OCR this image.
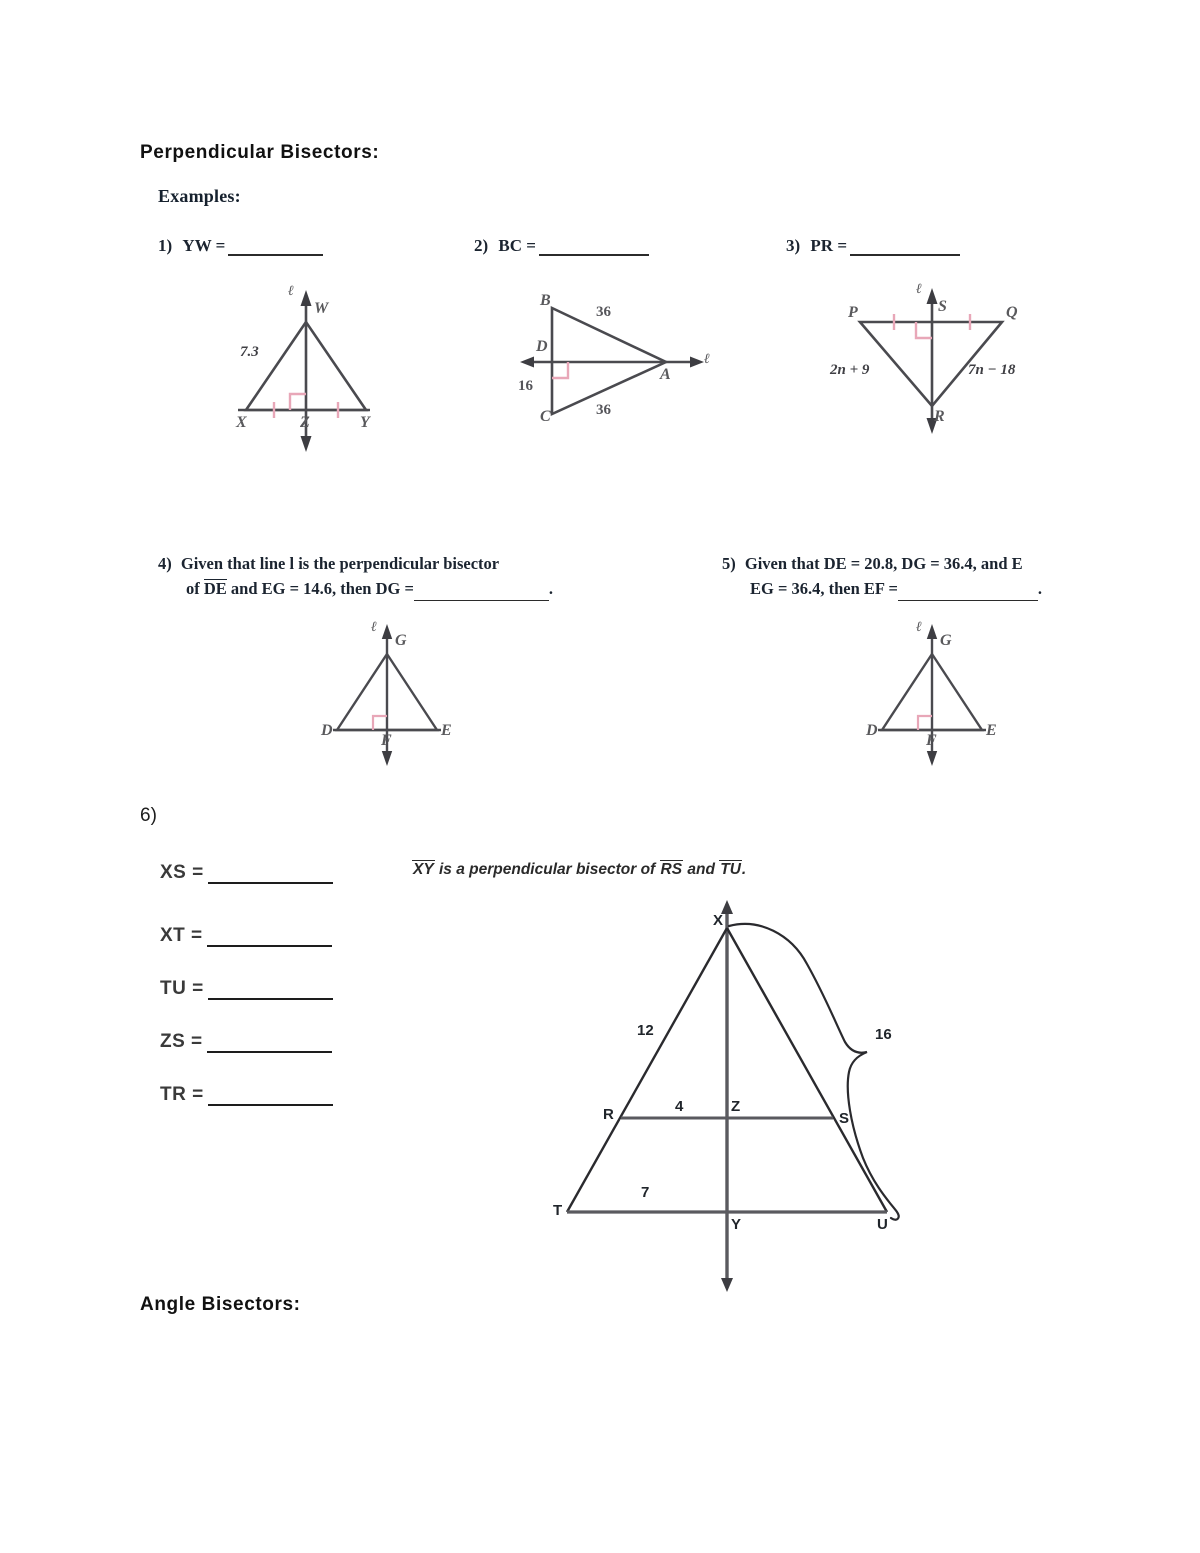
Perpendicular Bisectors:
Examples:
1) YW =	2) BC =	3) PR =
ℓ
W
X	Z	Y
7.3
B
D
C
A
ℓ
36
36
16
ℓ
P	S	Q
R
2n + 9	7n − 18
4) Given that line l is the perpendicular bisector
of DE and EG = 14.6, then DG =	.
5) Given that DE = 20.8, DG = 36.4, and E
EG = 36.4, then EF =	.
ℓ
G
D
F
E
ℓ
G
D
F
E
6)
XS =
XT =
TU =
ZS =
TR =
XY is a perpendicular bisector of RS and TU.
X
R	Z
S
T
Y	U
12
4
16
7
Angle Bisectors:
